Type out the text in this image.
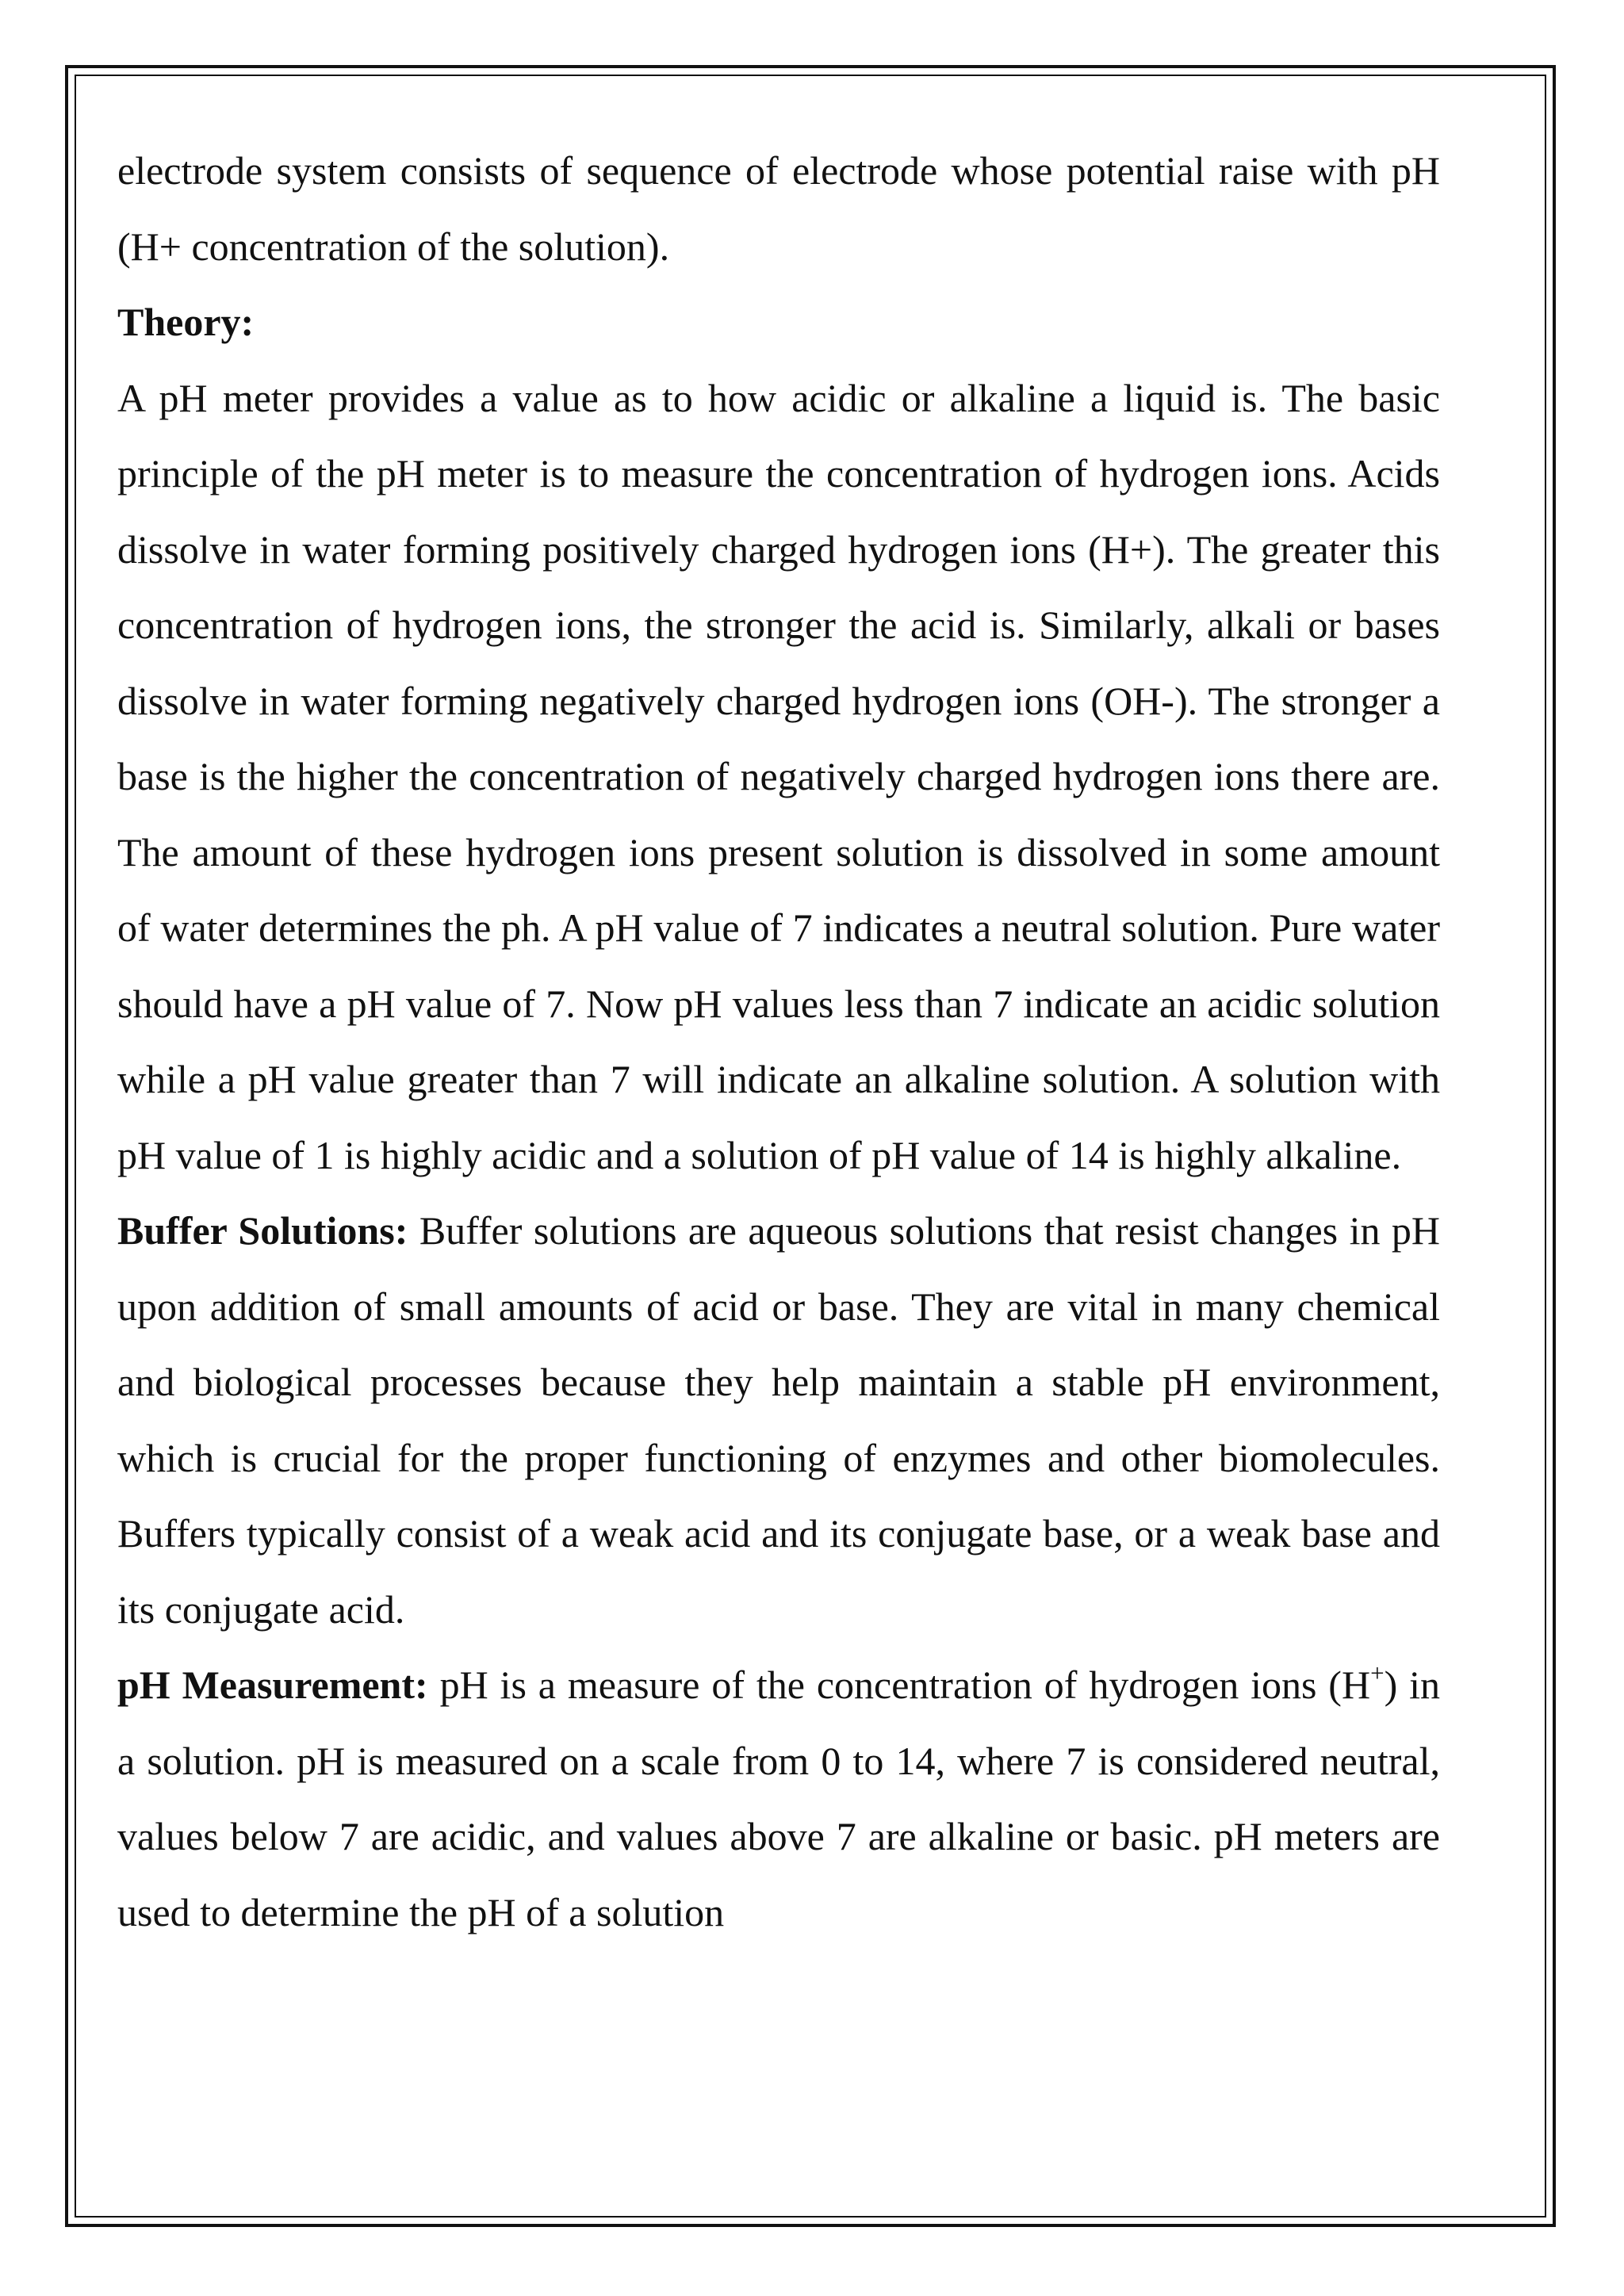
electrode system consists of sequence of electrode whose potential raise with pH (H+ concentration of the solution).

Theory:

A pH meter provides a value as to how acidic or alkaline a liquid is. The basic principle of the pH meter is to measure the concentration of hydrogen ions. Acids dissolve in water forming positively charged hydrogen ions (H+). The greater this concentration of hydrogen ions, the stronger the acid is. Similarly, alkali or bases dissolve in water forming negatively charged hydrogen ions (OH-). The stronger a base is the higher the concentration of negatively charged hydrogen ions there are. The amount of these hydrogen ions present solution is dissolved in some amount of water determines the ph. A pH value of 7 indicates a neutral solution. Pure water should have a pH value of 7. Now pH values less than 7 indicate an acidic solution while a pH value greater than 7 will indicate an alkaline solution. A solution with pH value of 1 is highly acidic and a solution of pH value of 14 is highly alkaline.

Buffer Solutions: Buffer solutions are aqueous solutions that resist changes in pH upon addition of small amounts of acid or base. They are vital in many chemical and biological processes because they help maintain a stable pH environment, which is crucial for the proper functioning of enzymes and other biomolecules. Buffers typically consist of a weak acid and its conjugate base, or a weak base and its conjugate acid.

pH Measurement: pH is a measure of the concentration of hydrogen ions (H+) in a solution. pH is measured on a scale from 0 to 14, where 7 is considered neutral, values below 7 are acidic, and values above 7 are alkaline or basic. pH meters are used to determine the pH of a solution
